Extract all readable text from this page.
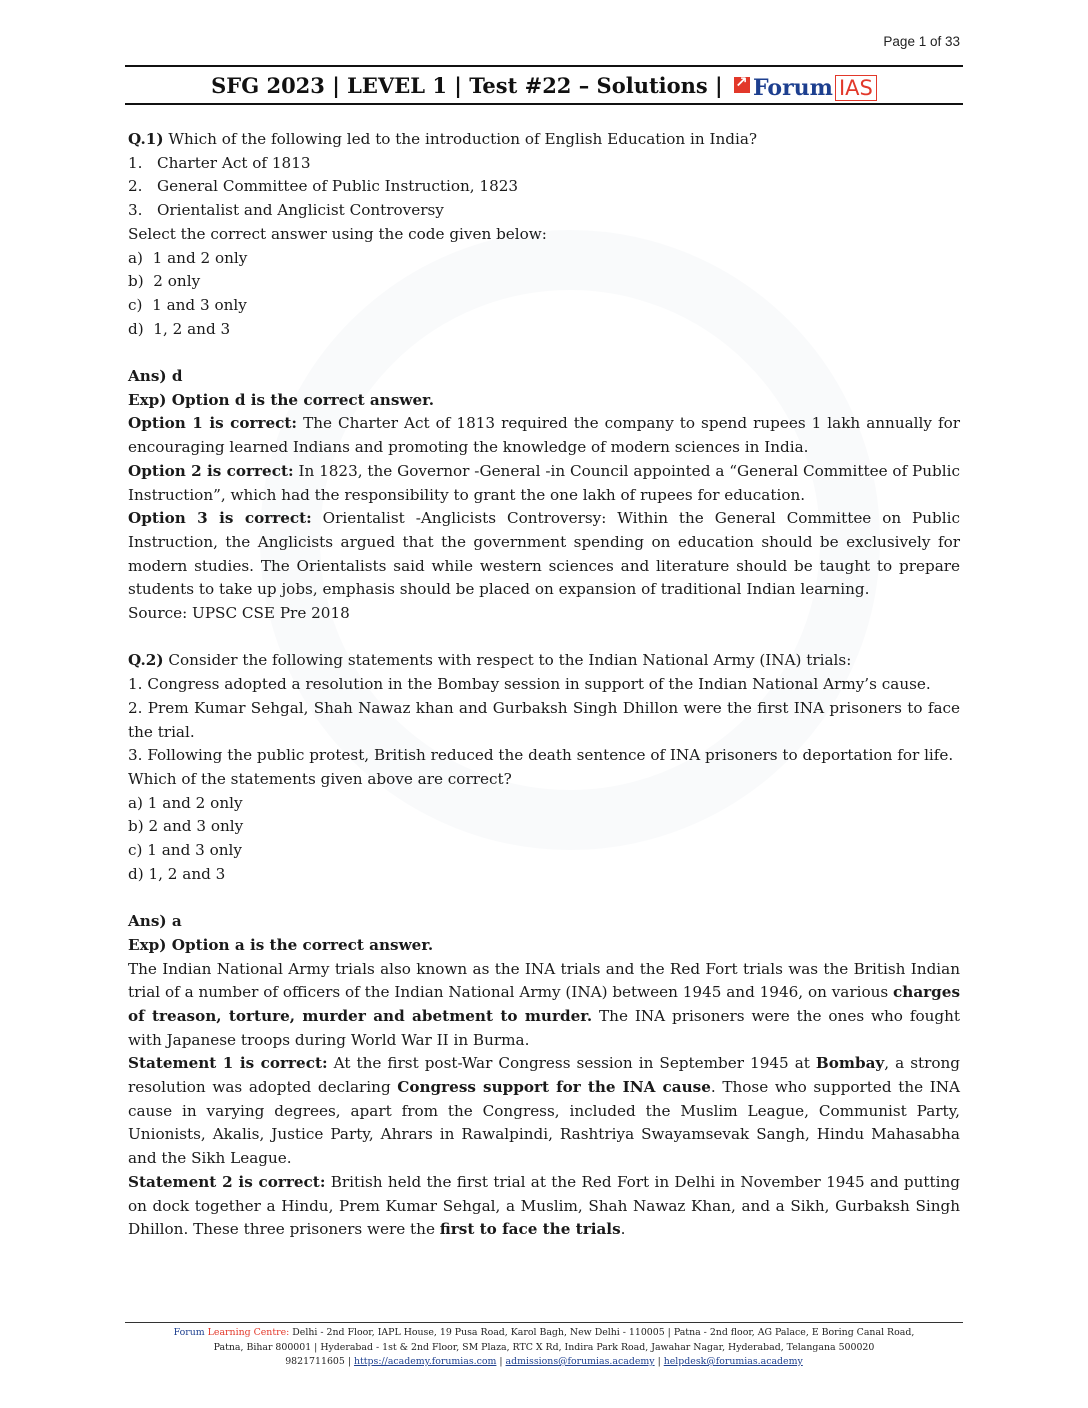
Page 1 of 33
SFG 2023 | LEVEL 1 | Test #22 – Solutions | ↗ Forum IAS

Q.1) Which of the following led to the introduction of English Education in India?

1.   Charter Act of 1813

2.   General Committee of Public Instruction, 1823

3.   Orientalist and Anglicist Controversy

Select the correct answer using the code given below:

a)  1 and 2 only

b)  2 only

c)  1 and 3 only

d)  1, 2 and 3

Ans) d

Exp) Option d is the correct answer.

Option 1 is correct: The Charter Act of 1813 required the company to spend rupees 1 lakh annually for encouraging learned Indians and promoting the knowledge of modern sciences in India.

Option 2 is correct: In 1823, the Governor -General -in Council appointed a “General Committee of Public Instruction”, which had the responsibility to grant the one lakh of rupees for education.

Option 3 is correct: Orientalist -Anglicists Controversy: Within the General Committee on Public Instruction, the Anglicists argued that the government spending on education should be exclusively for modern studies. The Orientalists said while western sciences and literature should be taught to prepare students to take up jobs, emphasis should be placed on expansion of traditional Indian learning.

Source: UPSC CSE Pre 2018

Q.2) Consider the following statements with respect to the Indian National Army (INA) trials:

1. Congress adopted a resolution in the Bombay session in support of the Indian National Army’s cause.

2. Prem Kumar Sehgal, Shah Nawaz khan and Gurbaksh Singh Dhillon were the first INA prisoners to face the trial.

3. Following the public protest, British reduced the death sentence of INA prisoners to deportation for life.

Which of the statements given above are correct?

a) 1 and 2 only

b) 2 and 3 only

c) 1 and 3 only

d) 1, 2 and 3

Ans) a

Exp) Option a is the correct answer.

The Indian National Army trials also known as the INA trials and the Red Fort trials was the British Indian trial of a number of officers of the Indian National Army (INA) between 1945 and 1946, on various charges of treason, torture, murder and abetment to murder. The INA prisoners were the ones who fought with Japanese troops during World War II in Burma.

Statement 1 is correct: At the first post-War Congress session in September 1945 at Bombay, a strong resolution was adopted declaring Congress support for the INA cause. Those who supported the INA cause in varying degrees, apart from the Congress, included the Muslim League, Communist Party, Unionists, Akalis, Justice Party, Ahrars in Rawalpindi, Rashtriya Swayamsevak Sangh, Hindu Mahasabha and the Sikh League.

Statement 2 is correct: British held the first trial at the Red Fort in Delhi in November 1945 and putting on dock together a Hindu, Prem Kumar Sehgal, a Muslim, Shah Nawaz Khan, and a Sikh, Gurbaksh Singh Dhillon. These three prisoners were the first to face the trials.

Forum Learning Centre: Delhi - 2nd Floor, IAPL House, 19 Pusa Road, Karol Bagh, New Delhi - 110005 | Patna - 2nd floor, AG Palace, E Boring Canal Road,
Patna, Bihar 800001 | Hyderabad - 1st & 2nd Floor, SM Plaza, RTC X Rd, Indira Park Road, Jawahar Nagar, Hyderabad, Telangana 500020
9821711605 | https://academy.forumias.com | admissions@forumias.academy | helpdesk@forumias.academy
